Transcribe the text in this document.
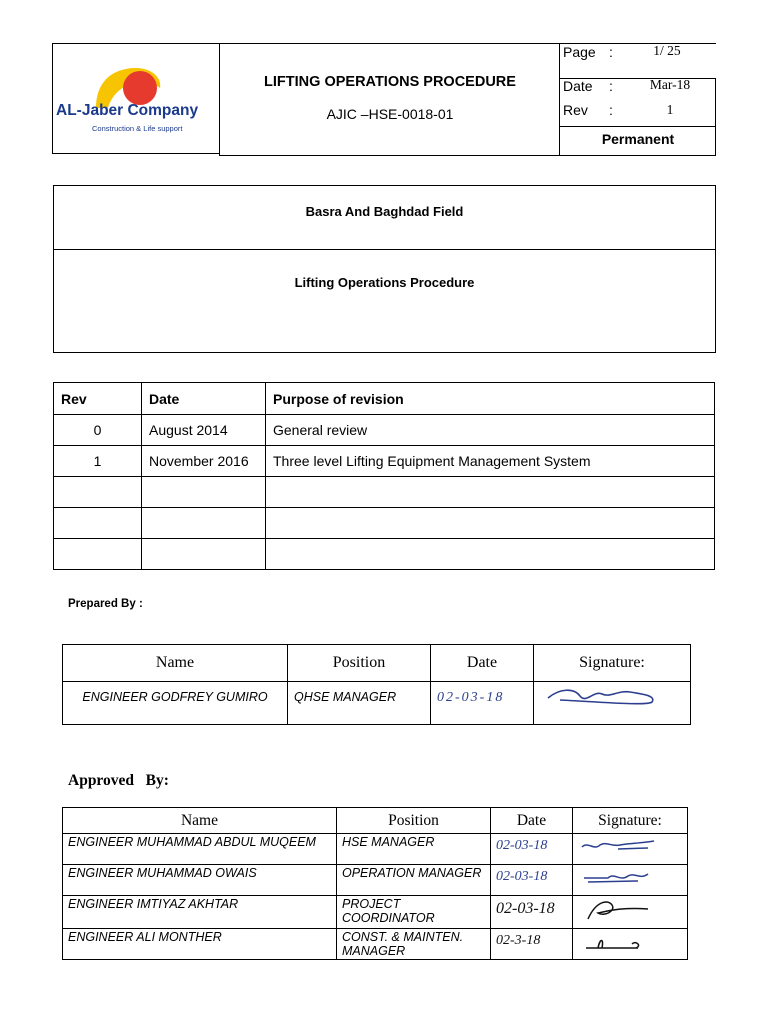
AL-Jaber Company
Construction & Life support
LIFTING OPERATIONS PROCEDURE
AJIC –HSE-0018-01
Page :	1/ 25
Date :	Mar-18
Rev :	1
Permanent
Basra And Baghdad Field
Lifting Operations Procedure
Rev	Date	Purpose of revision
0	August 2014	General review
1	November 2016	Three level Lifting Equipment Management System

Prepared By :
Name	Position	Date	Signature:
ENGINEER GODFREY GUMIRO	QHSE MANAGER	02-03-18	
Approved   By:
Name	Position	Date	Signature:
ENGINEER MUHAMMAD ABDUL MUQEEM	HSE MANAGER	02-03-18	

ENGINEER MUHAMMAD OWAIS	OPERATION MANAGER	02-03-18	

ENGINEER IMTIYAZ AKHTAR	PROJECT COORDINATOR	02-03-18	

ENGINEER ALI MONTHER	CONST. & MAINTEN. MANAGER	02-3-18	
